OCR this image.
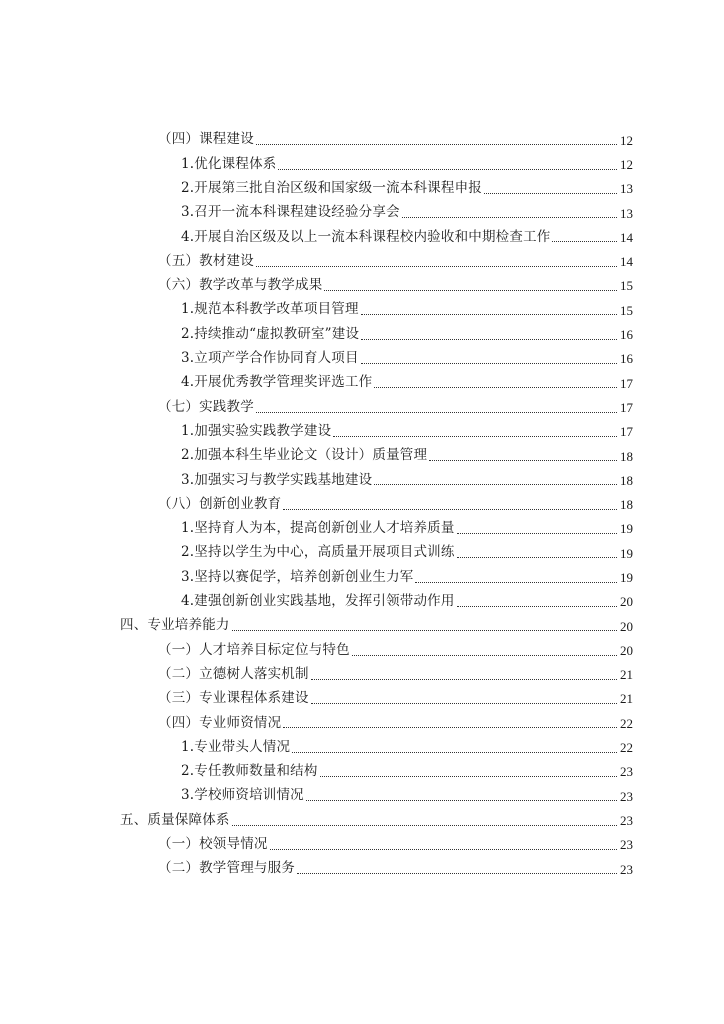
（四）课程建设	12
1.优化课程体系	12
2.开展第三批自治区级和国家级一流本科课程申报	13
3.召开一流本科课程建设经验分享会	13
4.开展自治区级及以上一流本科课程校内验收和中期检查工作	14
（五）教材建设	14
（六）教学改革与教学成果	15
1.规范本科教学改革项目管理	15
2.持续推动“虚拟教研室”建设	16
3.立项产学合作协同育人项目	16
4.开展优秀教学管理奖评选工作	17
（七）实践教学	17
1.加强实验实践教学建设	17
2.加强本科生毕业论文（设计）质量管理	18
3.加强实习与教学实践基地建设	18
（八）创新创业教育	18
1.坚持育人为本，提高创新创业人才培养质量	19
2.坚持以学生为中心，高质量开展项目式训练	19
3.坚持以赛促学，培养创新创业生力军	19
4.建强创新创业实践基地，发挥引领带动作用	20
四、专业培养能力	20
（一）人才培养目标定位与特色	20
（二）立德树人落实机制	21
（三）专业课程体系建设	21
（四）专业师资情况	22
1.专业带头人情况	22
2.专任教师数量和结构	23
3.学校师资培训情况	23
五、质量保障体系	23
（一）校领导情况	23
（二）教学管理与服务	23
